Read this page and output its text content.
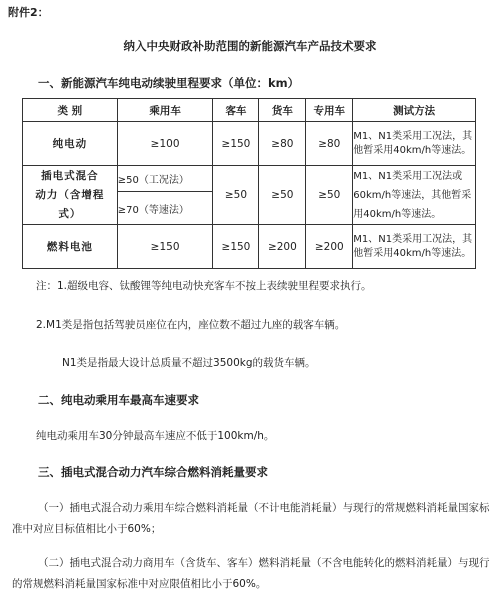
附件2：
纳入中央财政补助范围的新能源汽车产品技术要求
一、新能源汽车纯电动续驶里程要求（单位：km）
类 别	乘用车	客车	货车	专用车	测试方法
纯电动	≥100	≥150	≥80	≥80	M1、N1类采用工况法，其他暂采用40km/h等速法。

插电式混合
动力（含增程
式）	≥50（工况法）	≥50	≥50	≥50	M1、N1类采用工况法或60km/h等速法，其他暂采用40km/h等速法。
	≥70（等速法）				
燃料电池	≥150	≥150	≥200	≥200	M1、N1类采用工况法，其他暂采用40km/h等速法。
注：1.超级电容、钛酸锂等纯电动快充客车不按上表续驶里程要求执行。
2.M1类是指包括驾驶员座位在内，座位数不超过九座的载客车辆。
N1类是指最大设计总质量不超过3500kg的载货车辆。
二、纯电动乘用车最高车速要求
纯电动乘用车30分钟最高车速应不低于100km/h。
三、插电式混合动力汽车综合燃料消耗量要求
（一）插电式混合动力乘用车综合燃料消耗量（不计电能消耗量）与现行的常规燃料消耗量国家标准中对应目标值相比小于60%；
（二）插电式混合动力商用车（含货车、客车）燃料消耗量（不含电能转化的燃料消耗量）与现行的常规燃料消耗量国家标准中对应限值相比小于60%。
